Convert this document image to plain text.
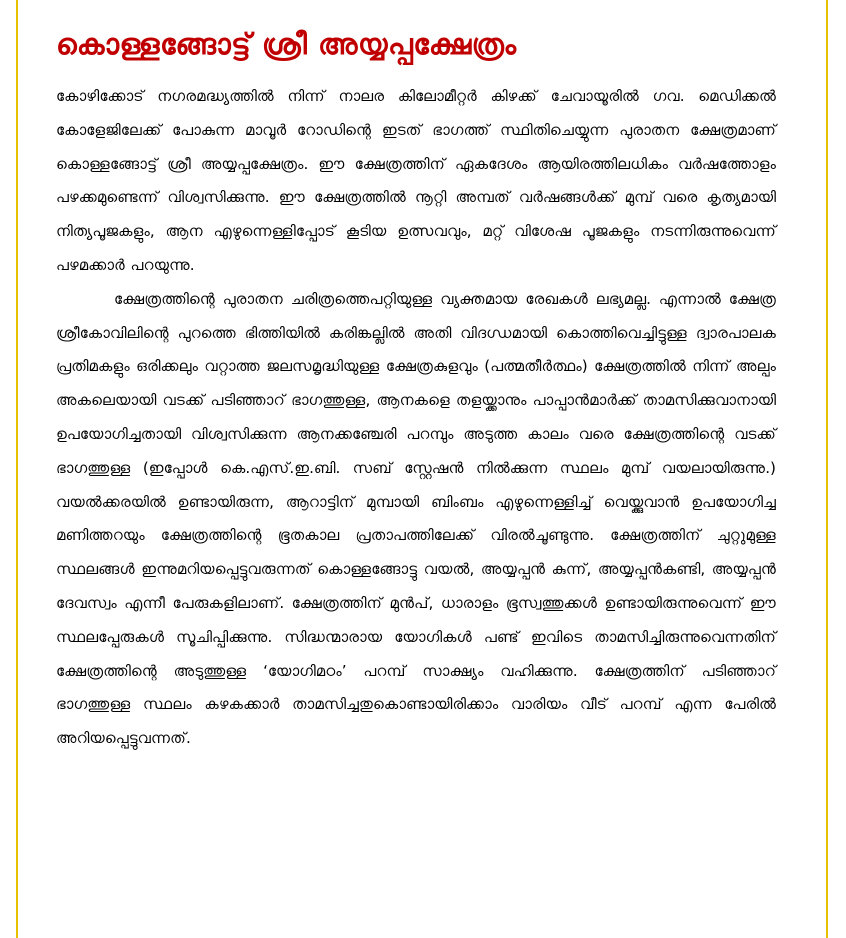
കൊള്ളങ്ങോട്ട് ശ്രീ അയ്യപ്പക്ഷേത്രം

കോഴിക്കോട് നഗരമദ്ധ്യത്തിൽ നിന്ന് നാലര കിലോമീറ്റർ കിഴക്ക് ചേവായൂരിൽ ഗവ. മെഡിക്കൽ കോളേജിലേക്ക് പോകുന്ന മാവൂർ റോഡിന്റെ ഇടത് ഭാഗത്ത് സ്ഥിതിചെയ്യുന്ന പുരാതന ക്ഷേത്രമാണ് കൊള്ളങ്ങോട്ട് ശ്രീ അയ്യപ്പക്ഷേത്രം. ഈ ക്ഷേത്രത്തിന് ഏകദേശം ആയിരത്തിലധികം വർഷത്തോളം പഴക്കമുണ്ടെന്ന് വിശ്വസിക്കുന്നു. ഈ ക്ഷേത്രത്തിൽ നൂറ്റി അമ്പത് വർഷങ്ങൾക്ക് മുമ്പ് വരെ കൃത്യമായി നിത്യപൂജകളും, ആന എഴുന്നെള്ളിപ്പോട് കൂടിയ ഉത്സവവും, മറ്റ് വിശേഷ പൂജകളും നടന്നിരുന്നുവെന്ന് പഴമക്കാർ പറയുന്നു.

ക്ഷേത്രത്തിന്റെ പുരാതന ചരിത്രത്തെപറ്റിയുള്ള വ്യക്തമായ രേഖകൾ ലഭ്യമല്ല. എന്നാൽ ക്ഷേത്ര ശ്രീകോവിലിന്റെ പുറത്തെ ഭിത്തിയിൽ കരിങ്കല്ലിൽ അതി വിദഗ്ധമായി കൊത്തിവെച്ചിട്ടുള്ള ദ്വാരപാലക പ്രതിമകളും ഒരിക്കലും വറ്റാത്ത ജലസമൃദ്ധിയുള്ള ക്ഷേത്രകുളവും (പത്മതീർത്ഥം) ക്ഷേത്രത്തിൽ നിന്ന് അല്പം അകലെയായി വടക്ക് പടിഞ്ഞാറ് ഭാഗത്തുള്ള, ആനകളെ തളയ്ക്കാനും പാപ്പാൻമാർക്ക് താമസിക്കുവാനായി ഉപയോഗിച്ചതായി വിശ്വസിക്കുന്ന ആനക്കഞ്ചേരി പറമ്പും അടുത്ത കാലം വരെ ക്ഷേത്രത്തിന്റെ വടക്ക് ഭാഗത്തുള്ള (ഇപ്പോൾ കെ.എസ്.ഇ.ബി. സബ് സ്റ്റേഷൻ നിൽക്കുന്ന സ്ഥലം മുമ്പ് വയലായിരുന്നു.) വയൽക്കരയിൽ ഉണ്ടായിരുന്ന, ആറാട്ടിന് മുമ്പായി ബിംബം എഴുന്നെള്ളിച്ച് വെയ്ക്കുവാൻ ഉപയോഗിച്ച മണിത്തറയും ക്ഷേത്രത്തിന്റെ ഭൂതകാല പ്രതാപത്തിലേക്ക് വിരൽചൂണ്ടുന്നു. ക്ഷേത്രത്തിന് ചുറ്റുമുള്ള സ്ഥലങ്ങൾ ഇന്നുമറിയപ്പെട്ടുവരുന്നത് കൊള്ളങ്ങോട്ടു വയൽ, അയ്യപ്പൻ കുന്ന്, അയ്യപ്പൻകണ്ടി, അയ്യപ്പൻ ദേവസ്വം എന്നീ പേരുകളിലാണ്. ക്ഷേത്രത്തിന് മുൻപ്, ധാരാളം ഭൂസ്വത്തുക്കൾ ഉണ്ടായിരുന്നുവെന്ന് ഈ സ്ഥലപ്പേരുകൾ സൂചിപ്പിക്കുന്നു. സിദ്ധന്മാരായ യോഗികൾ പണ്ട് ഇവിടെ താമസിച്ചിരുന്നുവെന്നതിന് ക്ഷേത്രത്തിന്റെ അടുത്തുള്ള ‘യോഗിമഠം’ പറമ്പ് സാക്ഷ്യം വഹിക്കുന്നു. ക്ഷേത്രത്തിന് പടിഞ്ഞാറ് ഭാഗത്തുള്ള സ്ഥലം കഴകക്കാർ താമസിച്ചതുകൊണ്ടായിരിക്കാം വാരിയം വീട് പറമ്പ് എന്ന പേരിൽ അറിയപ്പെട്ടുവന്നത്.
